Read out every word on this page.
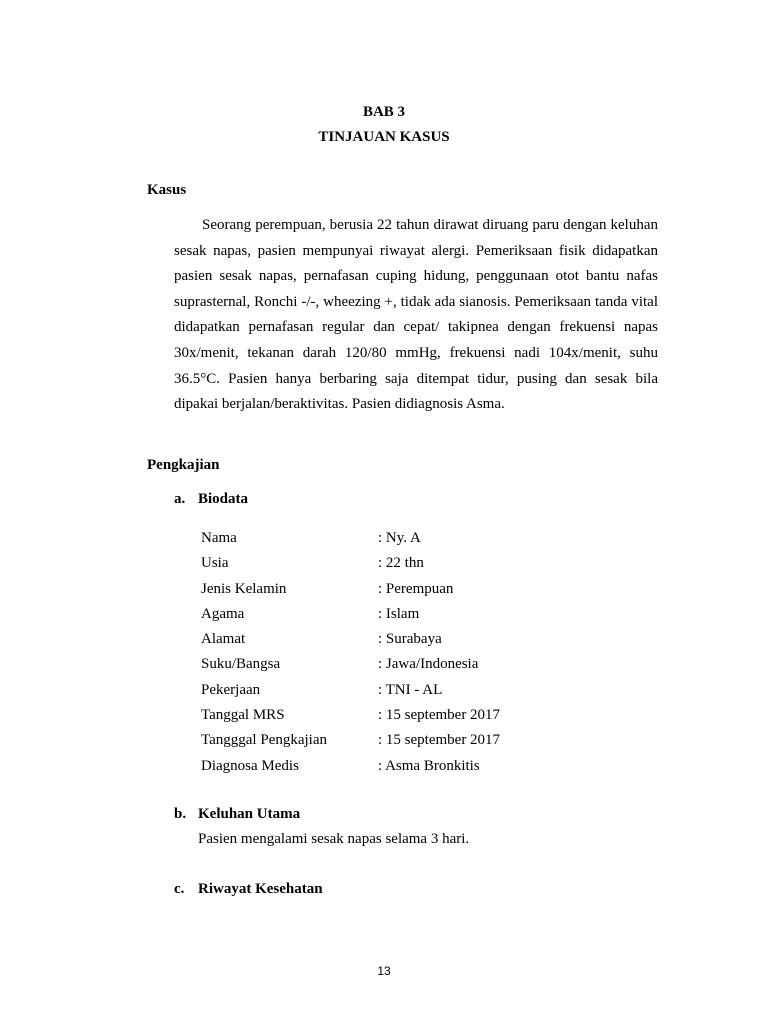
BAB 3
TINJAUAN KASUS
Kasus
Seorang perempuan, berusia 22 tahun dirawat diruang paru dengan keluhan sesak napas, pasien mempunyai riwayat alergi. Pemeriksaan fisik didapatkan pasien sesak napas, pernafasan cuping hidung, penggunaan otot bantu nafas suprasternal, Ronchi -/-, wheezing +, tidak ada sianosis. Pemeriksaan tanda vital didapatkan pernafasan regular dan cepat/ takipnea dengan frekuensi napas 30x/menit, tekanan darah 120/80 mmHg, frekuensi nadi 104x/menit, suhu 36.5°C. Pasien hanya berbaring saja ditempat tidur, pusing dan sesak bila dipakai berjalan/beraktivitas. Pasien didiagnosis Asma.
Pengkajian
a. Biodata
Nama	: Ny. A
Usia	: 22 thn
Jenis Kelamin	: Perempuan
Agama	: Islam
Alamat	: Surabaya
Suku/Bangsa	: Jawa/Indonesia
Pekerjaan	: TNI - AL
Tanggal MRS	: 15 september 2017
Tangggal Pengkajian	: 15 september 2017
Diagnosa Medis	: Asma Bronkitis
b. Keluhan Utama
Pasien mengalami sesak napas selama 3 hari.
c. Riwayat Kesehatan
13
